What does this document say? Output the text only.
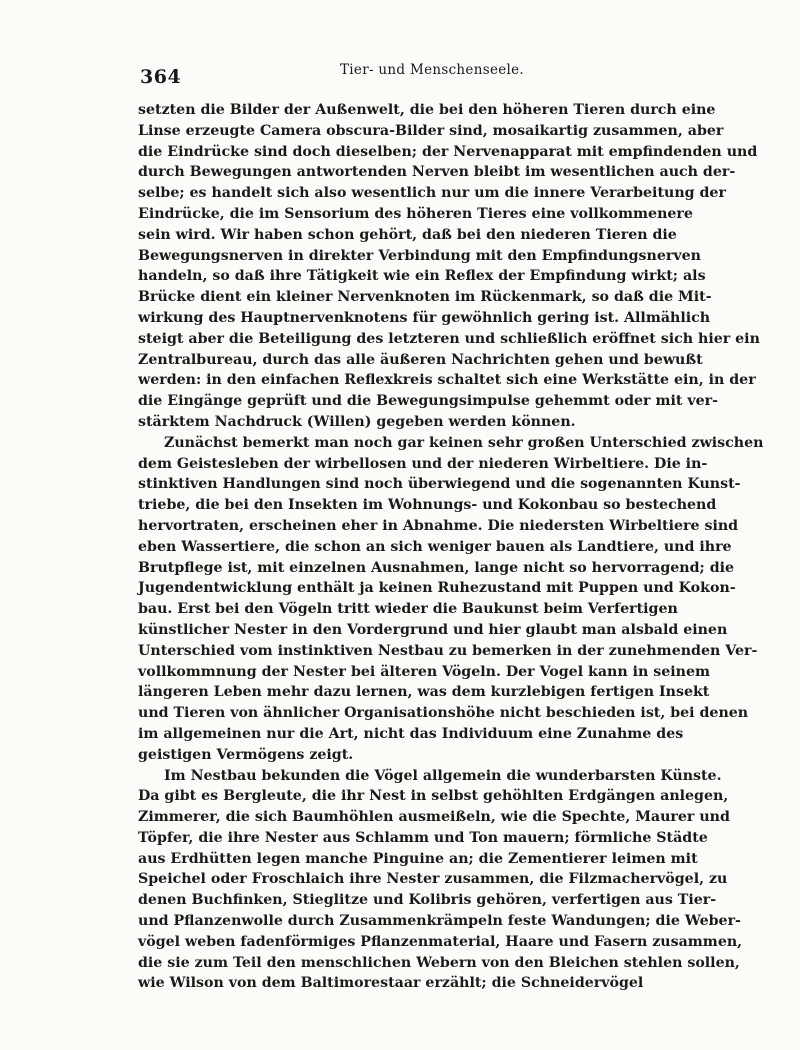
364	Tier- und Menschenseele.
setzten die Bilder der Außenwelt, die bei den höheren Tieren durch eine
Linse erzeugte Camera obscura-Bilder sind, mosaikartig zusammen, aber
die Eindrücke sind doch dieselben; der Nervenapparat mit empfindenden und
durch Bewegungen antwortenden Nerven bleibt im wesentlichen auch der-
selbe; es handelt sich also wesentlich nur um die innere Verarbeitung der
Eindrücke, die im Sensorium des höheren Tieres eine vollkommenere
sein wird. Wir haben schon gehört, daß bei den niederen Tieren die
Bewegungsnerven in direkter Verbindung mit den Empfindungsnerven
handeln, so daß ihre Tätigkeit wie ein Reflex der Empfindung wirkt; als
Brücke dient ein kleiner Nervenknoten im Rückenmark, so daß die Mit-
wirkung des Hauptnervenknotens für gewöhnlich gering ist. Allmählich
steigt aber die Beteiligung des letzteren und schließlich eröffnet sich hier ein
Zentralbureau, durch das alle äußeren Nachrichten gehen und bewußt
werden: in den einfachen Reflexkreis schaltet sich eine Werkstätte ein, in der
die Eingänge geprüft und die Bewegungsimpulse gehemmt oder mit ver-
stärktem Nachdruck (Willen) gegeben werden können.
Zunächst bemerkt man noch gar keinen sehr großen Unterschied zwischen
dem Geistesleben der wirbellosen und der niederen Wirbeltiere. Die in-
stinktiven Handlungen sind noch überwiegend und die sogenannten Kunst-
triebe, die bei den Insekten im Wohnungs- und Kokonbau so bestechend
hervortraten, erscheinen eher in Abnahme. Die niedersten Wirbeltiere sind
eben Wassertiere, die schon an sich weniger bauen als Landtiere, und ihre
Brutpflege ist, mit einzelnen Ausnahmen, lange nicht so hervorragend; die
Jugendentwicklung enthält ja keinen Ruhezustand mit Puppen und Kokon-
bau. Erst bei den Vögeln tritt wieder die Baukunst beim Verfertigen
künstlicher Nester in den Vordergrund und hier glaubt man alsbald einen
Unterschied vom instinktiven Nestbau zu bemerken in der zunehmenden Ver-
vollkommnung der Nester bei älteren Vögeln. Der Vogel kann in seinem
längeren Leben mehr dazu lernen, was dem kurzlebigen fertigen Insekt
und Tieren von ähnlicher Organisationshöhe nicht beschieden ist, bei denen
im allgemeinen nur die Art, nicht das Individuum eine Zunahme des
geistigen Vermögens zeigt.
Im Nestbau bekunden die Vögel allgemein die wunderbarsten Künste.
Da gibt es Bergleute, die ihr Nest in selbst gehöhlten Erdgängen anlegen,
Zimmerer, die sich Baumhöhlen ausmeißeln, wie die Spechte, Maurer und
Töpfer, die ihre Nester aus Schlamm und Ton mauern; förmliche Städte
aus Erdhütten legen manche Pinguine an; die Zementierer leimen mit
Speichel oder Froschlaich ihre Nester zusammen, die Filzmachervögel, zu
denen Buchfinken, Stieglitze und Kolibris gehören, verfertigen aus Tier-
und Pflanzenwolle durch Zusammenkrämpeln feste Wandungen; die Weber-
vögel weben fadenförmiges Pflanzenmaterial, Haare und Fasern zusammen,
die sie zum Teil den menschlichen Webern von den Bleichen stehlen sollen,
wie Wilson von dem Baltimorestaar erzählt; die Schneidervögel
